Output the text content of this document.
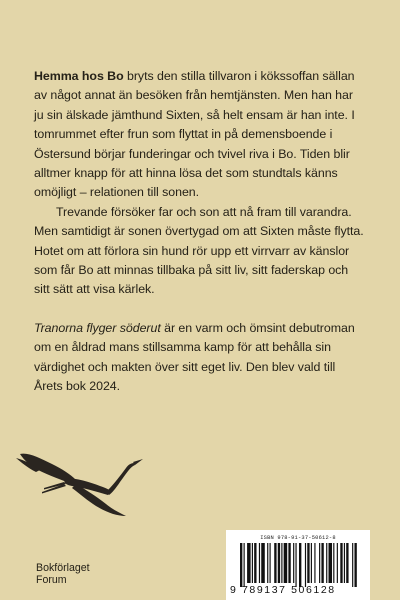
Hemma hos Bo bryts den stilla tillvaron i kökssoffan sällan av något annat än besöken från hemtjänsten. Men han har ju sin älskade jämthund Sixten, så helt ensam är han inte. I tomrummet efter frun som flyttat in på demensboende i Östersund börjar funderingar och tvivel riva i Bo. Tiden blir alltmer knapp för att hinna lösa det som stundtals känns omöjligt – relationen till sonen.

Trevande försöker far och son att nå fram till varandra. Men samtidigt är sonen övertygad om att Sixten måste flytta. Hotet om att förlora sin hund rör upp ett virrvarr av känslor som får Bo att minnas tillbaka på sitt liv, sitt faderskap och sitt sätt att visa kärlek.

Tranorna flyger söderut är en varm och ömsint debutroman om en åldrad mans stillsamma kamp för att behålla sin värdighet och makten över sitt eget liv. Den blev vald till Årets bok 2024.

Bokförlaget
Forum
ISBN 978-91-37-50612-8
9 789137 506128
